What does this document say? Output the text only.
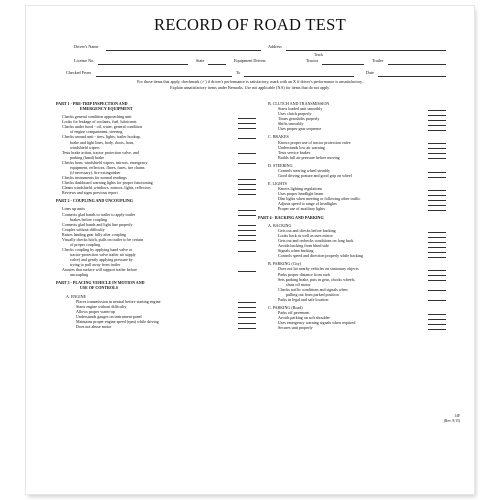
RECORD OF ROAD TEST
Driver's Name	Address
Truck
License No.	State	Equipment Driven:	Tractor	Trailer
Checked From	To	Date
For those items that apply, checkmark (✓) if driver's performance is satisfactory, mark with an X if driver's performance is unsatisfactory.
Explain unsatisfactory items under Remarks. Use not applicable (NA) for items that do not apply.
PART 1 - PRE-TRIP INSPECTION AND
EMERGENCY EQUIPMENT
Checks general condition approaching unit
Looks for leakage of coolants, fuel, lubricants
Checks under hood - oil, water, general condition
of engine compartment, steering
Checks around unit - tires, lights, trailer hookup,
brake and light lines, body, doors, horn,
windshield wipers
Tests brake action, tractor protection valve, and
parking (hand) brake
Checks horn, windshield wipers, mirrors, emergency
equipment, reflectors, flares, fuses, tire chains
(if necessary), fire extinguisher
Checks instruments for normal readings
Checks dashboard warning lights for proper functioning
Cleans windshield, windows, mirrors, lights, reflectors
Reviews and signs previous report
PART 2 - COUPLING AND UNCOUPLING
Lines up units
Connects glad hands to trailer to apply trailer
brakes before coupling
Connects glad hands and light line properly
Couples without difficulty
Raises landing gear fully after coupling
Visually checks hitch, pulls on trailer to be certain
of proper coupling
Checks coupling by applying hand valve or
tractor-protection valve trailer air supply
valve) and gently applying pressure by
trying to pull away from trailer
Assures that surface will support trailer before
uncoupling
PART 3 - PLACING VEHICLE IN MOTION AND
USE OF CONTROLS
A. ENGINE
Places transmission in neutral before starting engine
Starts engine without difficulty
Allows proper warm-up
Understands gauges on instrument panel
Maintains proper engine speed (rpm) while driving
Does not abuse motor
B. CLUTCH AND TRANSMISSION
Starts loaded unit smoothly
Uses clutch properly
Times gearshifts properly
Shifts smoothly
Uses proper gear sequence
C. BRAKES
Knows proper use of tractor protection valve
Understands low air warning
Tests service brakes
Builds full air pressure before moving
D. STEERING
Controls steering wheel steadily
Good driving posture and good grip on wheel
E. LIGHTS
Knows lighting regulations
Uses proper headlight beam
Dim lights when meeting or following other traffic
Adjusts speed to range of headlights
Proper use of auxiliary lights
PART 4 - BACKING AND PARKING
A. BACKING
Gets out and checks before backing
Looks back as well as uses mirror
Gets out and rechecks conditions on long back
Avoids backing from blind side
Signals when backing
Controls speed and direction properly while backing
B. PARKING (City)
Does not hit nearby vehicles on stationary objects
Parks proper distance from curb
Sets parking brake, puts in gear, chocks wheels,
shuts off motor
Checks traffic conditions and signals when
pulling out from parked position
Parks in legal and safe location
C. PARKING (Road)
Parks off pavement
Avoids parking on soft shoulder
Uses emergency warning signals when required
Secures unit properly
14F
(Rev. 9/15)
